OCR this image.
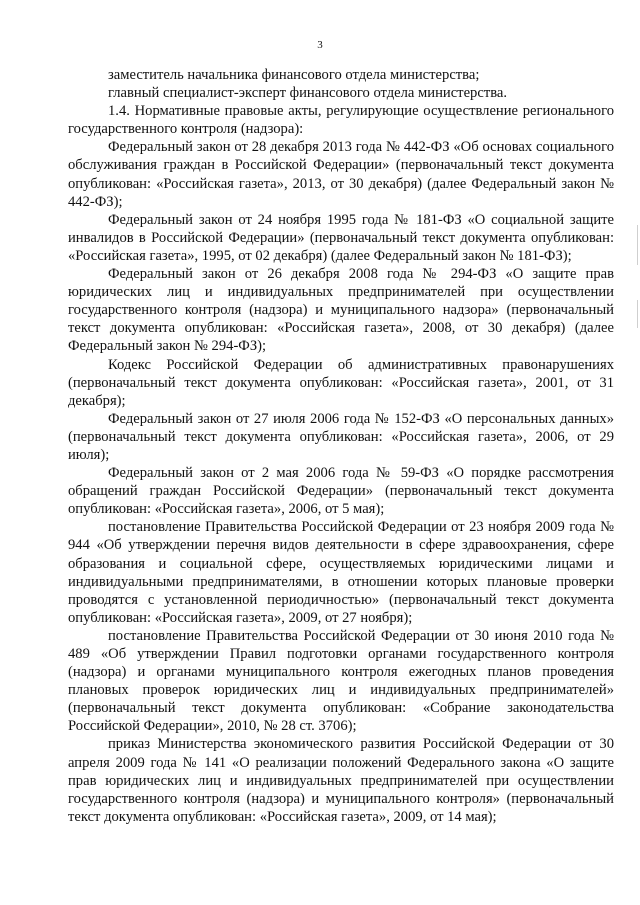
3

заместитель начальника финансового отдела министерства;

главный специалист-эксперт финансового отдела министерства.

1.4. Нормативные правовые акты, регулирующие осуществление регионального государственного контроля (надзора):

Федеральный закон от 28 декабря 2013 года № 442-ФЗ «Об основах социального обслуживания граждан в Российской Федерации» (первоначальный текст документа опубликован: «Российская газета», 2013, от 30 декабря) (далее Федеральный закон № 442-ФЗ);

Федеральный закон от 24 ноября 1995 года № 181-ФЗ «О социальной защите инвалидов в Российской Федерации» (первоначальный текст документа опубликован: «Российская газета», 1995, от 02 декабря) (далее Федеральный закон № 181-ФЗ);

Федеральный закон от 26 декабря 2008 года № 294-ФЗ «О защите прав юридических лиц и индивидуальных предпринимателей при осуществлении государственного контроля (надзора) и муниципального надзора» (первоначальный текст документа опубликован: «Российская газета», 2008, от 30 декабря) (далее Федеральный закон № 294-ФЗ);

Кодекс Российской Федерации об административных правонарушениях (первоначальный текст документа опубликован: «Российская газета», 2001, от 31 декабря);

Федеральный закон от 27 июля 2006 года № 152-ФЗ «О персональных данных» (первоначальный текст документа опубликован: «Российская газета», 2006, от 29 июля);

Федеральный закон от 2 мая 2006 года № 59-ФЗ «О порядке рассмотрения обращений граждан Российской Федерации» (первоначальный текст документа опубликован: «Российская газета», 2006, от 5 мая);

постановление Правительства Российской Федерации от 23 ноября 2009 года № 944 «Об утверждении перечня видов деятельности в сфере здравоохранения, сфере образования и социальной сфере, осуществляемых юридическими лицами и индивидуальными предпринимателями, в отношении которых плановые проверки проводятся с установленной периодичностью» (первоначальный текст документа опубликован: «Российская газета», 2009, от 27 ноября);

постановление Правительства Российской Федерации от 30 июня 2010 года № 489 «Об утверждении Правил подготовки органами государственного контроля (надзора) и органами муниципального контроля ежегодных планов проведения плановых проверок юридических лиц и индивидуальных предпринимателей» (первоначальный текст документа опубликован: «Собрание законодательства Российской Федерации», 2010, № 28 ст. 3706);

приказ Министерства экономического развития Российской Федерации от 30 апреля 2009 года № 141 «О реализации положений Федерального закона «О защите прав юридических лиц и индивидуальных предпринимателей при осуществлении государственного контроля (надзора) и муниципального контроля» (первоначальный текст документа опубликован: «Российская газета», 2009, от 14 мая);
